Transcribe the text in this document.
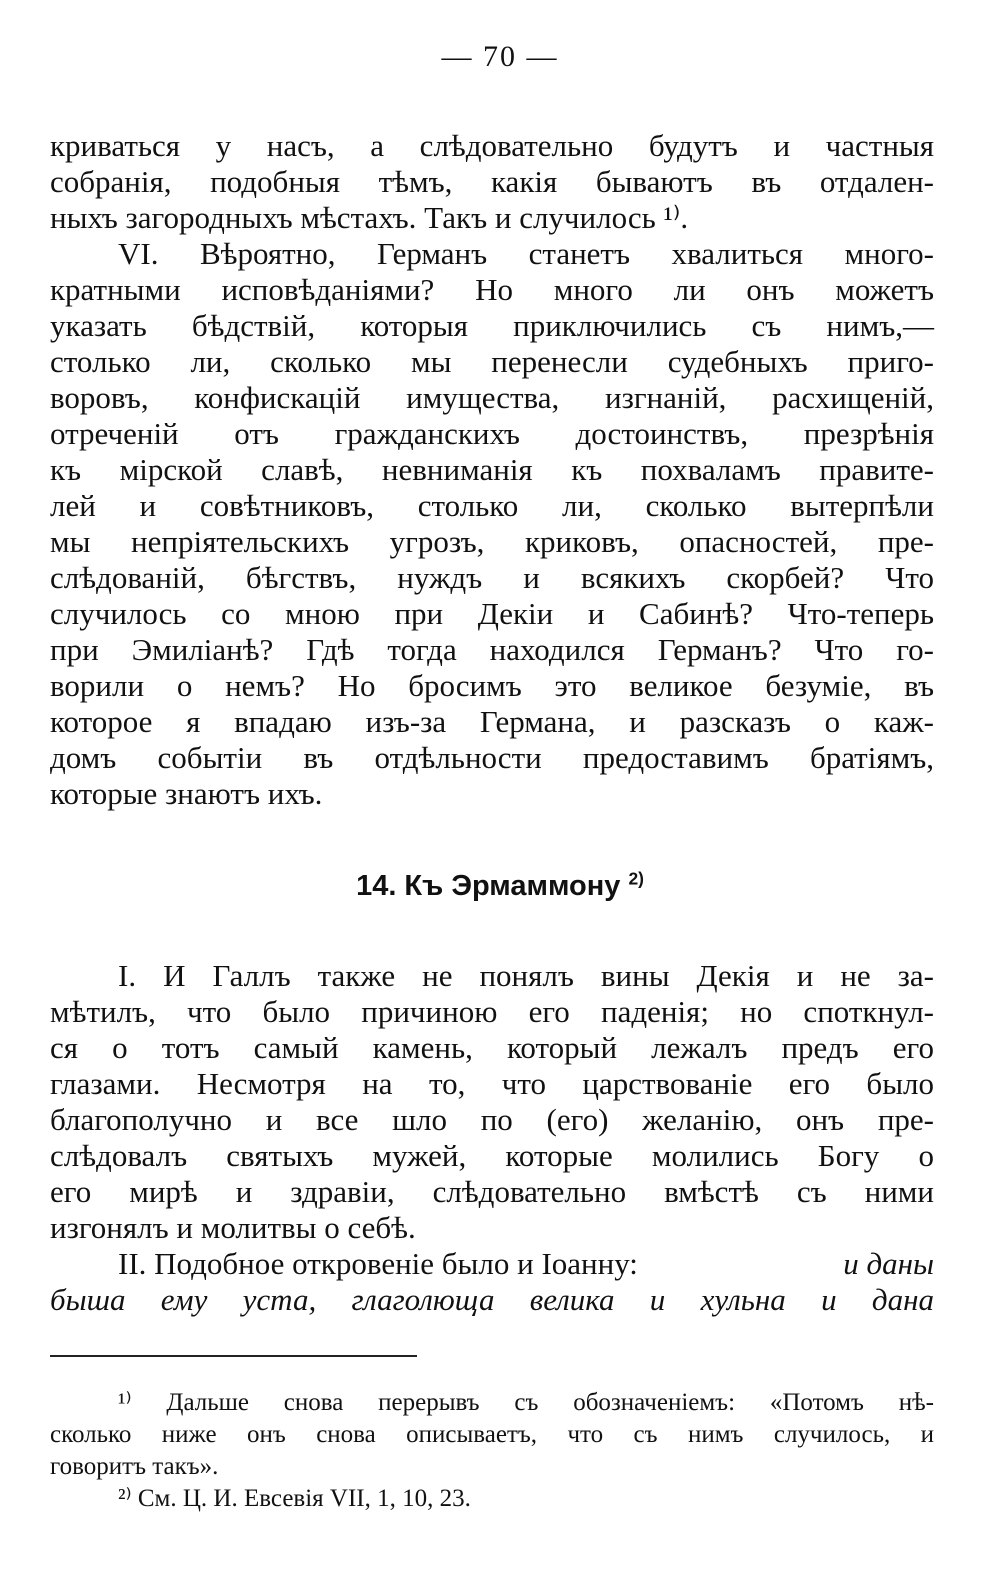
— 70 —
криваться у насъ, а слѣдовательно будутъ и частныя
собранія, подобныя тѣмъ, какія бываютъ въ отдален-
ныхъ загородныхъ мѣстахъ. Такъ и случилось ¹⁾.
VI. Вѣроятно, Германъ станетъ хвалиться много-
кратными исповѣданіями? Но много ли онъ можетъ
указать бѣдствій, которыя приключились съ нимъ,—
столько ли, сколько мы перенесли судебныхъ приго-
воровъ, конфискацій имущества, изгнаній, расхищеній,
отреченій отъ гражданскихъ достоинствъ, презрѣнія
къ мірской славѣ, невниманія къ похваламъ правите-
лей и совѣтниковъ, столько ли, сколько вытерпѣли
мы непріятельскихъ угрозъ, криковъ, опасностей, пре-
слѣдованій, бѣгствъ, нуждъ и всякихъ скорбей? Что
случилось со мною при Декіи и Сабинѣ? Что-теперь
при Эмиліанѣ? Гдѣ тогда находился Германъ? Что го-
ворили о немъ? Но бросимъ это великое безуміе, въ
которое я впадаю изъ-за Германа, и разсказъ о каж-
домъ событіи въ отдѣльности предоставимъ братіямъ,
которые знаютъ ихъ.
14. Къ Эрмаммону $^{2)}$
I. И Галлъ также не понялъ вины Декія и не за-
мѣтилъ, что было причиною его паденія; но споткнул-
ся о тотъ самый камень, который лежалъ предъ его
глазами. Несмотря на то, что царствованіе его было
благополучно и все шло по (его) желанію, онъ пре-
слѣдовалъ святыхъ мужей, которые молились Богу о
его мирѣ и здравіи, слѣдовательно вмѣстѣ съ ними
изгонялъ и молитвы о себѣ.
II. Подобное откровеніе было и Іоанну:	и даны
быша ему уста, глаголюща велика и хульна и дана
¹⁾ Дальше снова перерывъ съ обозначеніемъ: «Потомъ нѣ-
сколько ниже онъ снова описываетъ, что съ нимъ случилось, и
говоритъ такъ».
²⁾ См. Ц. И. Евсевія VII, 1, 10, 23.
